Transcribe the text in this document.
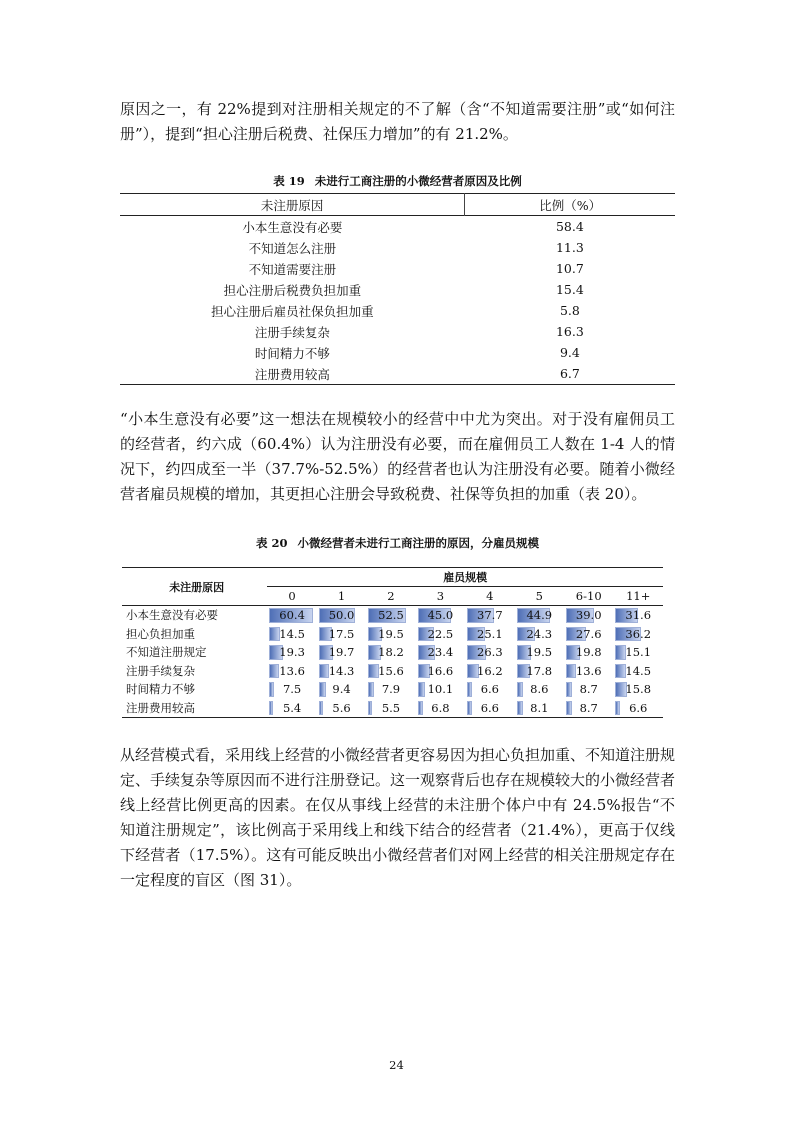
原因之一，有 22%提到对注册相关规定的不了解（含“不知道需要注册”或“如何注册”），提到“担心注册后税费、社保压力增加”的有 21.2%。

表 19 未进行工商注册的小微经营者原因及比例

未注册原因	比例（%）
小本生意没有必要	58.4
不知道怎么注册	11.3
不知道需要注册	10.7
担心注册后税费负担加重	15.4
担心注册后雇员社保负担加重	5.8
注册手续复杂	16.3
时间精力不够	9.4
注册费用较高	6.7

“小本生意没有必要”这一想法在规模较小的经营中中尤为突出。对于没有雇佣员工的经营者，约六成（60.4%）认为注册没有必要，而在雇佣员工人数在 1-4 人的情况下，约四成至一半（37.7%-52.5%）的经营者也认为注册没有必要。随着小微经营者雇员规模的增加，其更担心注册会导致税费、社保等负担的加重（表 20）。

表 20 小微经营者未进行工商注册的原因，分雇员规模

未注册原因	雇员规模							
	0	1	2	3	4	5	6-10	11+
小本生意没有必要	60.4	50.0	52.5	45.0	37.7	44.9	39.0	31.6

担心负担加重	14.5	17.5	19.5	22.5	25.1	24.3	27.6	36.2

不知道注册规定	19.3	19.7	18.2	23.4	26.3	19.5	19.8	15.1

注册手续复杂	13.6	14.3	15.6	16.6	16.2	17.8	13.6	14.5

时间精力不够	7.5	9.4	7.9	10.1	6.6	8.6	8.7	15.8

注册费用较高	5.4	5.6	5.5	6.8	6.6	8.1	8.7	6.6

从经营模式看，采用线上经营的小微经营者更容易因为担心负担加重、不知道注册规定、手续复杂等原因而不进行注册登记。这一观察背后也存在规模较大的小微经营者线上经营比例更高的因素。在仅从事线上经营的未注册个体户中有 24.5%报告“不知道注册规定”，该比例高于采用线上和线下结合的经营者（21.4%），更高于仅线下经营者（17.5%）。这有可能反映出小微经营者们对网上经营的相关注册规定存在一定程度的盲区（图 31）。

24
